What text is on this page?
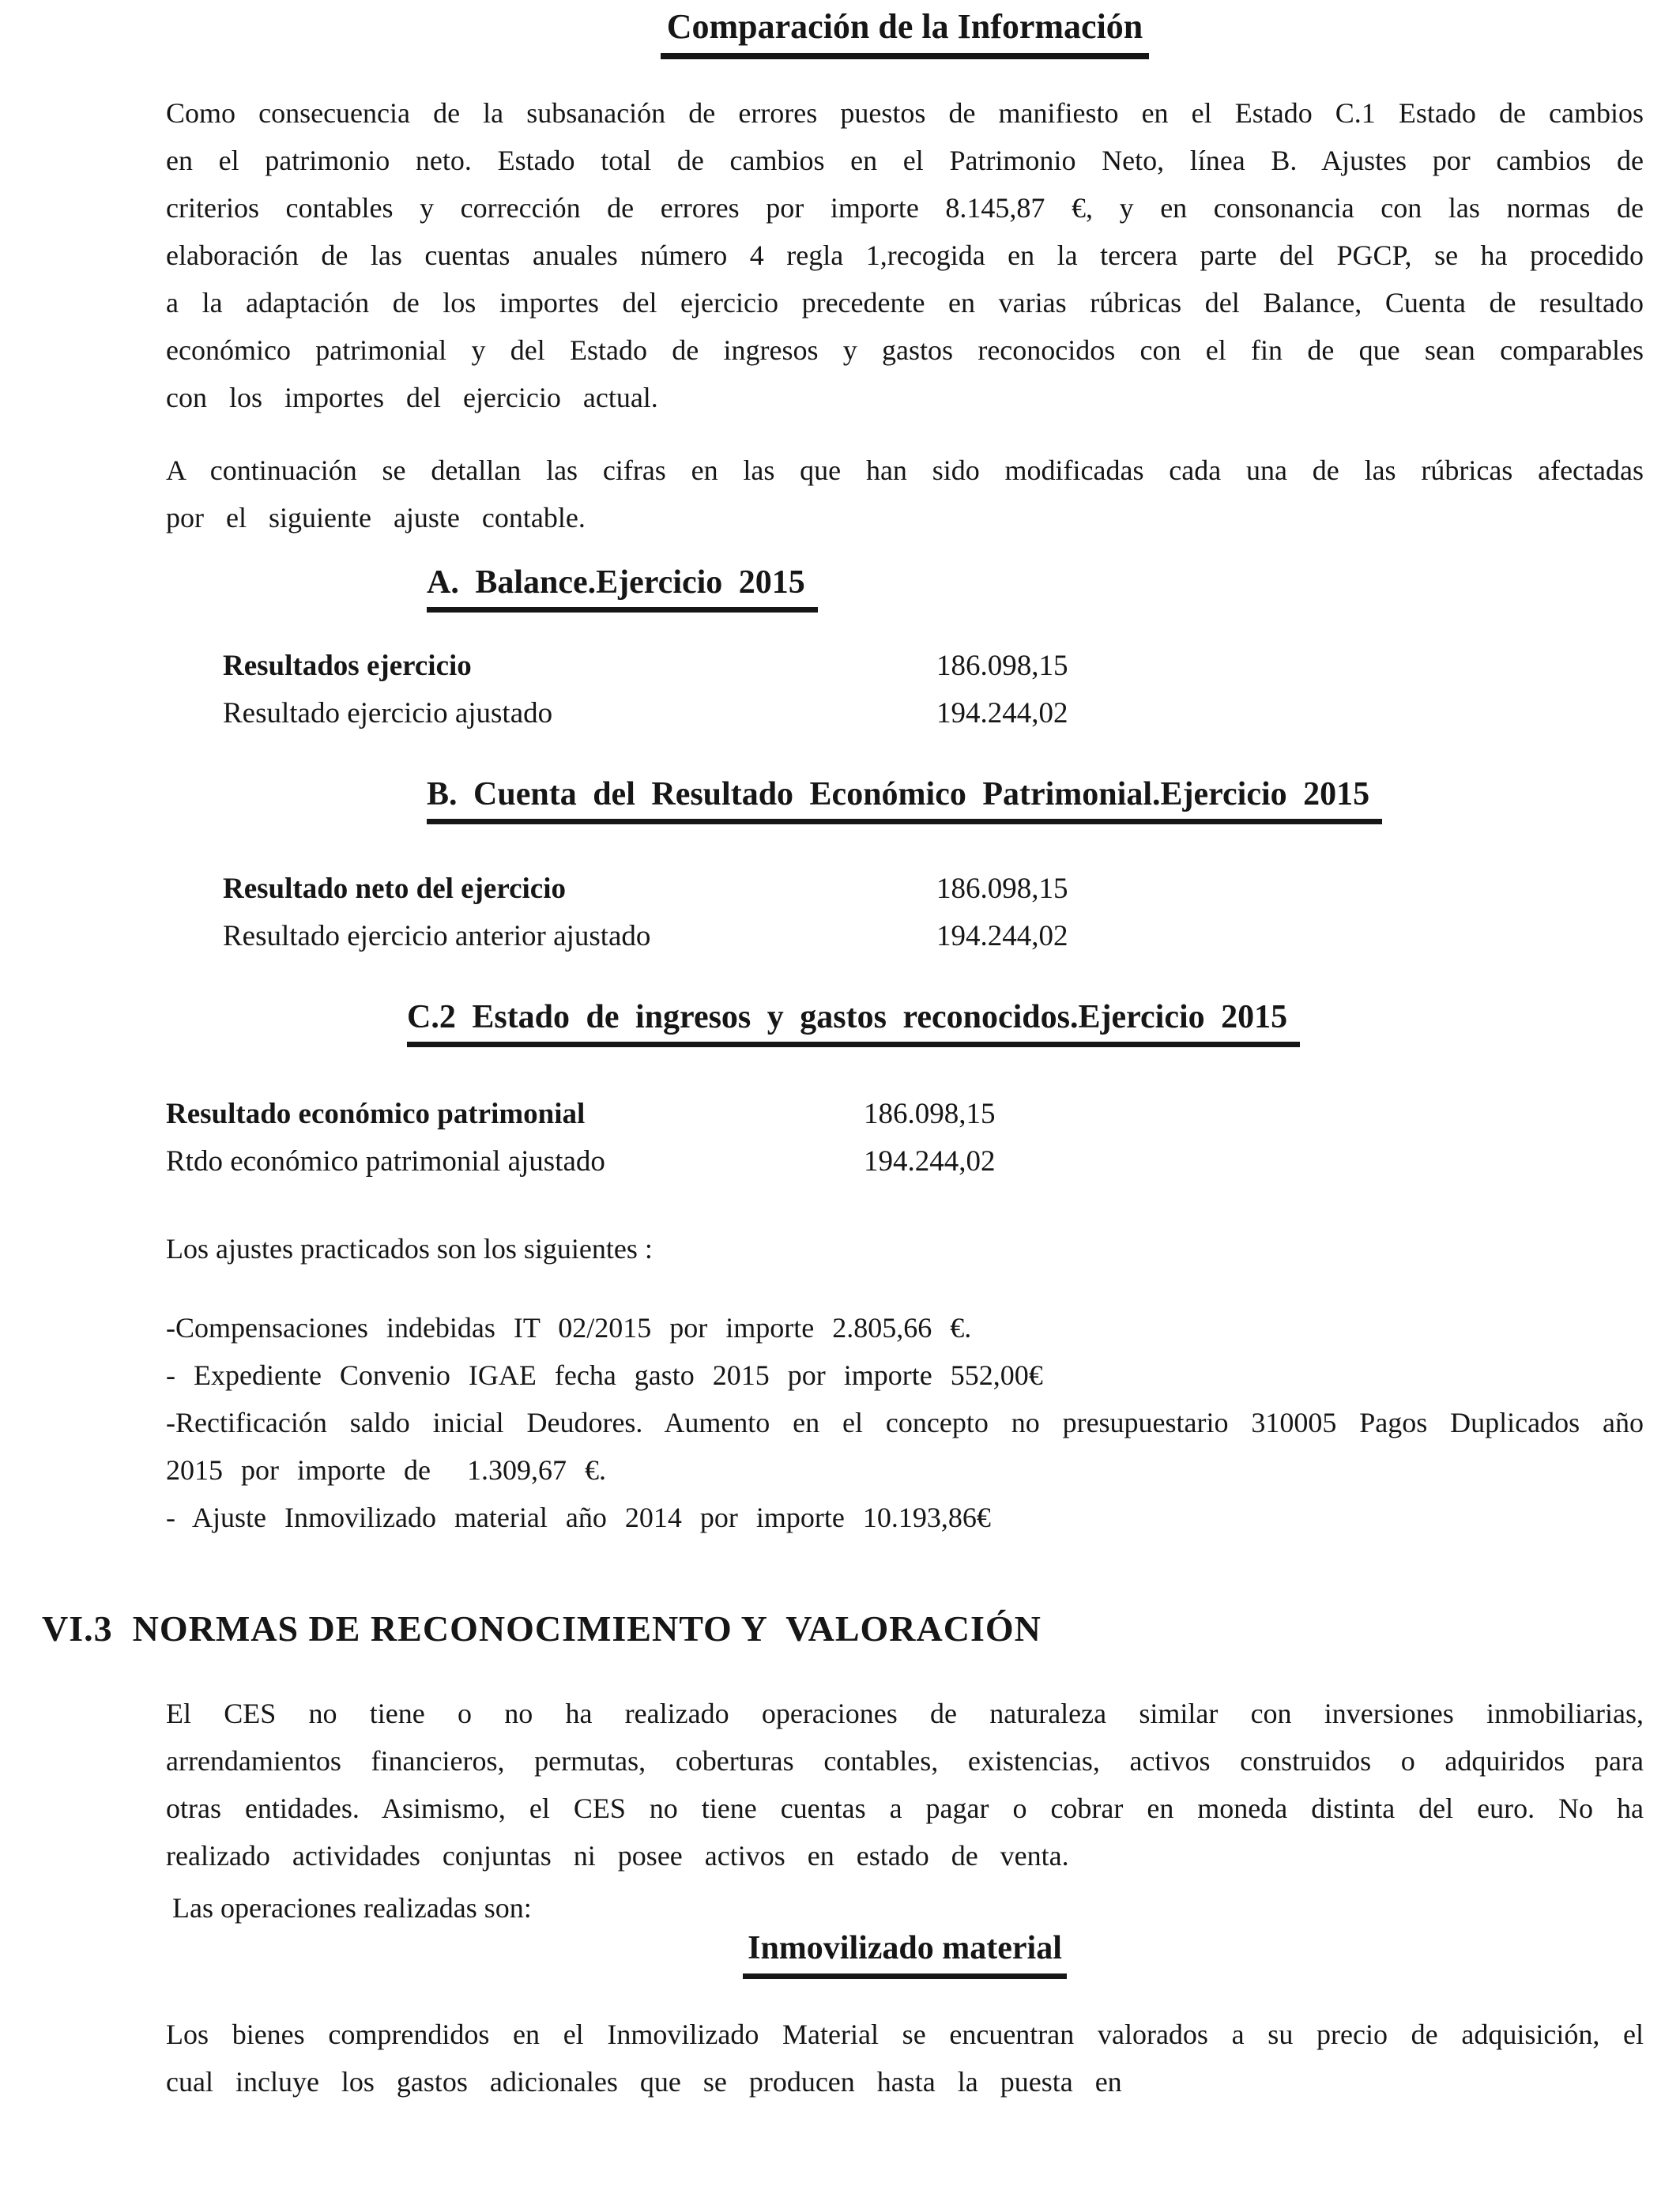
Comparación de la Información

Como consecuencia de la subsanación de errores puestos de manifiesto en el Estado C.1 Estado de cambios en el patrimonio neto. Estado total de cambios en el Patrimonio Neto, línea B. Ajustes por cambios de criterios contables y corrección de errores por importe 8.145,87 €, y en consonancia con las normas de elaboración de las cuentas anuales número 4 regla 1,recogida en la tercera parte del PGCP, se ha procedido a la adaptación de los importes del ejercicio precedente en varias rúbricas del Balance, Cuenta de resultado económico patrimonial y del Estado de ingresos y gastos reconocidos con el fin de que sean comparables con los importes del ejercicio actual.

A continuación se detallan las cifras en las que han sido modificadas cada una de las rúbricas afectadas por el siguiente ajuste contable.

A. Balance.Ejercicio 2015
Resultados ejercicio	186.098,15
Resultado ejercicio ajustado	194.244,02
B. Cuenta del Resultado Económico Patrimonial.Ejercicio 2015
Resultado neto del ejercicio	186.098,15
Resultado ejercicio anterior ajustado	194.244,02
C.2 Estado de ingresos y gastos reconocidos.Ejercicio 2015
Resultado económico patrimonial	186.098,15
Rtdo económico patrimonial ajustado	194.244,02

Los ajustes practicados son los siguientes :

-Compensaciones indebidas IT 02/2015 por importe 2.805,66 €.
- Expediente Convenio IGAE fecha gasto 2015 por importe 552,00€
-Rectificación saldo inicial Deudores. Aumento en el concepto no presupuestario 310005 Pagos Duplicados año 2015 por importe de  1.309,67 €.
- Ajuste Inmovilizado material año 2014 por importe 10.193,86€
VI.3  NORMAS DE RECONOCIMIENTO Y  VALORACIÓN

El CES no tiene o no ha realizado operaciones de naturaleza similar con inversiones inmobiliarias, arrendamientos financieros, permutas, coberturas contables, existencias, activos construidos o adquiridos para otras entidades. Asimismo, el CES no tiene cuentas a pagar o cobrar en moneda distinta del euro. No ha realizado actividades conjuntas ni posee activos en estado de venta.

Las operaciones realizadas son:

Inmovilizado material

Los bienes comprendidos en el Inmovilizado Material se encuentran valorados a su precio de adquisición, el cual incluye los gastos adicionales que se producen hasta la puesta en
